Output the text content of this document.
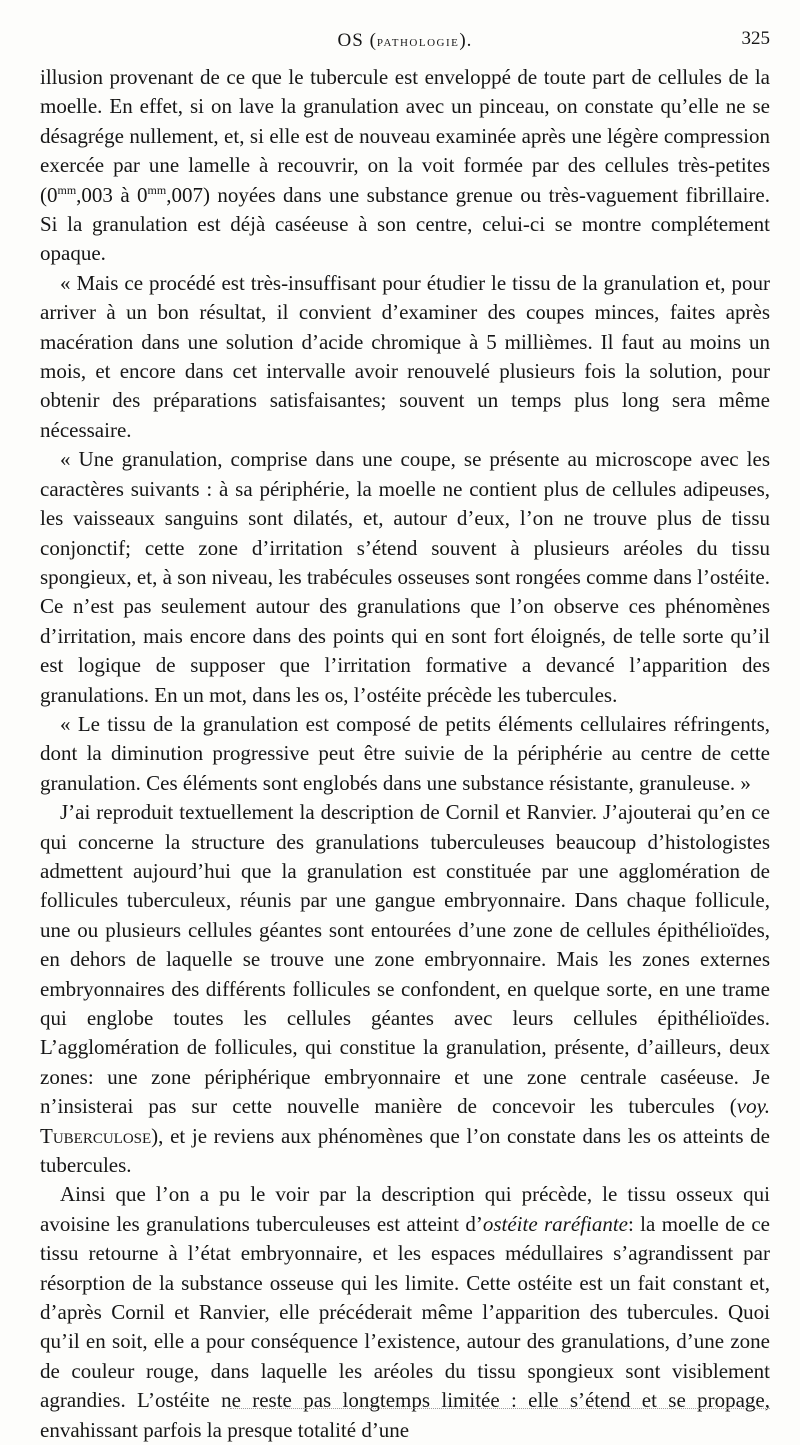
OS (pathologie).	325

illusion provenant de ce que le tubercule est enveloppé de toute part de cellules de la moelle. En effet, si on lave la granulation avec un pinceau, on constate qu’elle ne se désagrége nullement, et, si elle est de nouveau examinée après une légère compression exercée par une lamelle à recouvrir, on la voit formée par des cellules très-petites ($0^{mm},003$ à $0^{mm},007$) noyées dans une substance grenue ou très-vaguement fibrillaire. Si la granulation est déjà caséeuse à son centre, celui-ci se montre complétement opaque.

« Mais ce procédé est très-insuffisant pour étudier le tissu de la granulation et, pour arriver à un bon résultat, il convient d’examiner des coupes minces, faites après macération dans une solution d’acide chromique à 5 millièmes. Il faut au moins un mois, et encore dans cet intervalle avoir renouvelé plusieurs fois la solution, pour obtenir des préparations satisfaisantes; souvent un temps plus long sera même nécessaire.

« Une granulation, comprise dans une coupe, se présente au microscope avec les caractères suivants : à sa périphérie, la moelle ne contient plus de cellules adipeuses, les vaisseaux sanguins sont dilatés, et, autour d’eux, l’on ne trouve plus de tissu conjonctif; cette zone d’irritation s’étend souvent à plusieurs aréoles du tissu spongieux, et, à son niveau, les trabécules osseuses sont rongées comme dans l’ostéite. Ce n’est pas seulement autour des granulations que l’on observe ces phénomènes d’irritation, mais encore dans des points qui en sont fort éloignés, de telle sorte qu’il est logique de supposer que l’irritation formative a devancé l’apparition des granulations. En un mot, dans les os, l’ostéite précède les tubercules.

« Le tissu de la granulation est composé de petits éléments cellulaires réfringents, dont la diminution progressive peut être suivie de la périphérie au centre de cette granulation. Ces éléments sont englobés dans une substance résistante, granuleuse. »

J’ai reproduit textuellement la description de Cornil et Ranvier. J’ajouterai qu’en ce qui concerne la structure des granulations tuberculeuses beaucoup d’histologistes admettent aujourd’hui que la granulation est constituée par une agglomération de follicules tuberculeux, réunis par une gangue embryonnaire. Dans chaque follicule, une ou plusieurs cellules géantes sont entourées d’une zone de cellules épithélioïdes, en dehors de laquelle se trouve une zone embryonnaire. Mais les zones externes embryonnaires des différents follicules se confondent, en quelque sorte, en une trame qui englobe toutes les cellules géantes avec leurs cellules épithélioïdes. L’agglomération de follicules, qui constitue la granulation, présente, d’ailleurs, deux zones: une zone périphérique embryonnaire et une zone centrale caséeuse. Je n’insisterai pas sur cette nouvelle manière de concevoir les tubercules (voy. Tuberculose), et je reviens aux phénomènes que l’on constate dans les os atteints de tubercules.

Ainsi que l’on a pu le voir par la description qui précède, le tissu osseux qui avoisine les granulations tuberculeuses est atteint d’ostéite raréfiante: la moelle de ce tissu retourne à l’état embryonnaire, et les espaces médullaires s’agrandissent par résorption de la substance osseuse qui les limite. Cette ostéite est un fait constant et, d’après Cornil et Ranvier, elle précéderait même l’apparition des tubercules. Quoi qu’il en soit, elle a pour conséquence l’existence, autour des granulations, d’une zone de couleur rouge, dans laquelle les aréoles du tissu spongieux sont visiblement agrandies. L’ostéite ne reste pas longtemps limitée : elle s’étend et se propage, envahissant parfois la presque totalité d’une
